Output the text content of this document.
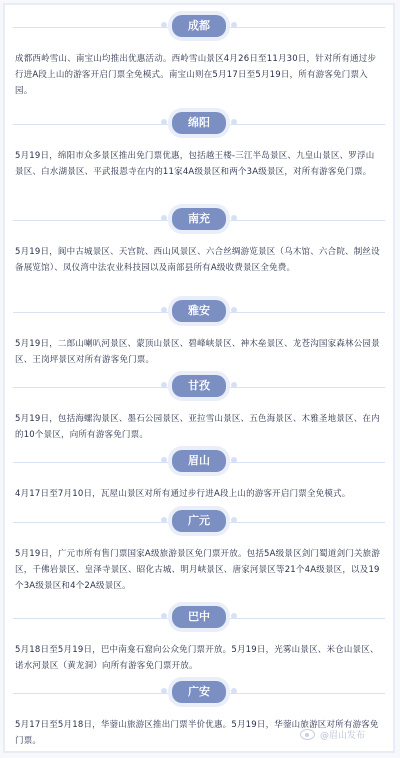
成都
成都西岭雪山、南宝山均推出优惠活动。西岭雪山景区4月26日至11月30日，针对所有通过步行进A段上山的游客开启门票全免模式。南宝山则在5月17日至5月19日，所有游客免门票入园。
绵阳
5月19日，绵阳市众多景区推出免门票优惠，包括越王楼-三江半岛景区、九皇山景区、罗浮山景区、白水湖景区、平武报恩寺在内的11家4A级景区和两个3A级景区，对所有游客免门票。
南充
5月19日，阆中古城景区、天宫院、西山风景区、六合丝绸游览景区（乌木馆、六合院、制丝设备展览馆）、凤仪湾中法农业科技园以及南部县所有A级收费景区全免费。
雅安
5月19日，二郎山喇叭河景区、蒙顶山景区、碧峰峡景区、神木垒景区、龙苍沟国家森林公园景区、王岗坪景区对所有游客免门票。
甘孜
5月19日，包括海螺沟景区、墨石公园景区、亚拉雪山景区、五色海景区、木雅圣地景区、在内的10个景区，向所有游客免门票。
眉山
4月17日至7月10日，瓦屋山景区对所有通过步行进A段上山的游客开启门票全免模式。
广元
5月19日，广元市所有售门票国家A级旅游景区免门票开放。包括5A级景区剑门蜀道剑门关旅游区，千佛岩景区、皇泽寺景区、昭化古城、明月峡景区、唐家河景区等21个4A级景区，以及19个3A级景区和4个2A级景区。
巴中
5月18日至5月19日，巴中南龛石窟向公众免门票开放。5月19日，光雾山景区、米仓山景区、诺水河景区（黄龙洞）向所有游客免门票开放。
广安
5月17日至5月18日，华蓥山旅游区推出门票半价优惠。5月19日，华蓥山旅游区对所有游客免门票。	@眉山发布
